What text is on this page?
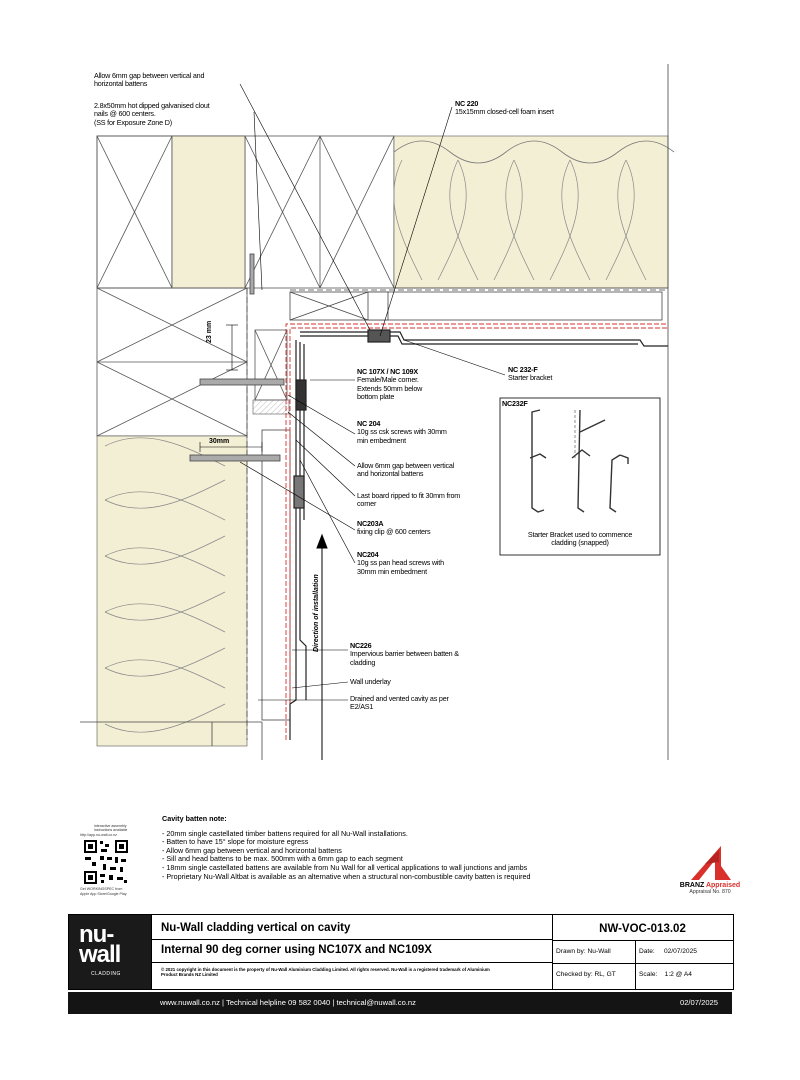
Allow 6mm gap between vertical and
horizontal battens
2.8x50mm hot dipped galvanised clout
nails @ 600 centers.
(SS for Exposure Zone D)
NC 220
15x15mm closed-cell foam insert
NC 107X / NC 109X
Female/Male corner.
Extends 50mm below
bottom plate
NC 232-F
Starter bracket
NC232F
Starter Bracket used to commence
cladding (snapped)
NC 204
10g ss csk screws with 30mm
min embedment
Allow 6mm gap between vertical
and horizontal battens
Last board ripped to fit 30mm from
corner
NC203A
fixing clip @ 600 centers
NC204
10g ss pan head screws with
30mm min embedment
NC226
Impervious barrier between batten &
cladding
Wall underlay
Drained and vented cavity as per
E2/AS1
23 mm
30mm
Direction of installation
Cavity batten note:
- 20mm single castellated timber battens required for all Nu-Wall installations.
- Batten to have 15° slope for moisture egress
- Allow 6mm gap between vertical and horizontal battens
- Sill and head battens to be max. 500mm with a 6mm gap to each segment
- 18mm single castellated battens are available from Nu Wall for all vertical applications to wall junctions and jambs
- Proprietary Nu-Wall Altbat is available as an alternative when a structural non-combustible cavity batten is required
interactive assembly
instructions available
http://app.nu-wall.co.nz
Get WORKINGSPEC from
Apple App Store/Google Play
BRANZ Appraised
Appraisal No. 870
nu-
wall
CLADDING
Nu-Wall cladding vertical on cavity
Internal 90 deg corner using NC107X and NC109X
© 2021 copyright in this document is the property of Nu-Wall Aluminium Cladding Limited. All rights reserved. Nu-Wall is a registered trademark of Aluminium Product Brands NZ Limited
NW-VOC-013.02
Drawn by: Nu-Wall	Date: 02/07/2025
Checked by: RL, GT	Scale: 1:2 @ A4
www.nuwall.co.nz | Technical helpline 09 582 0040 | technical@nuwall.co.nz	02/07/2025
